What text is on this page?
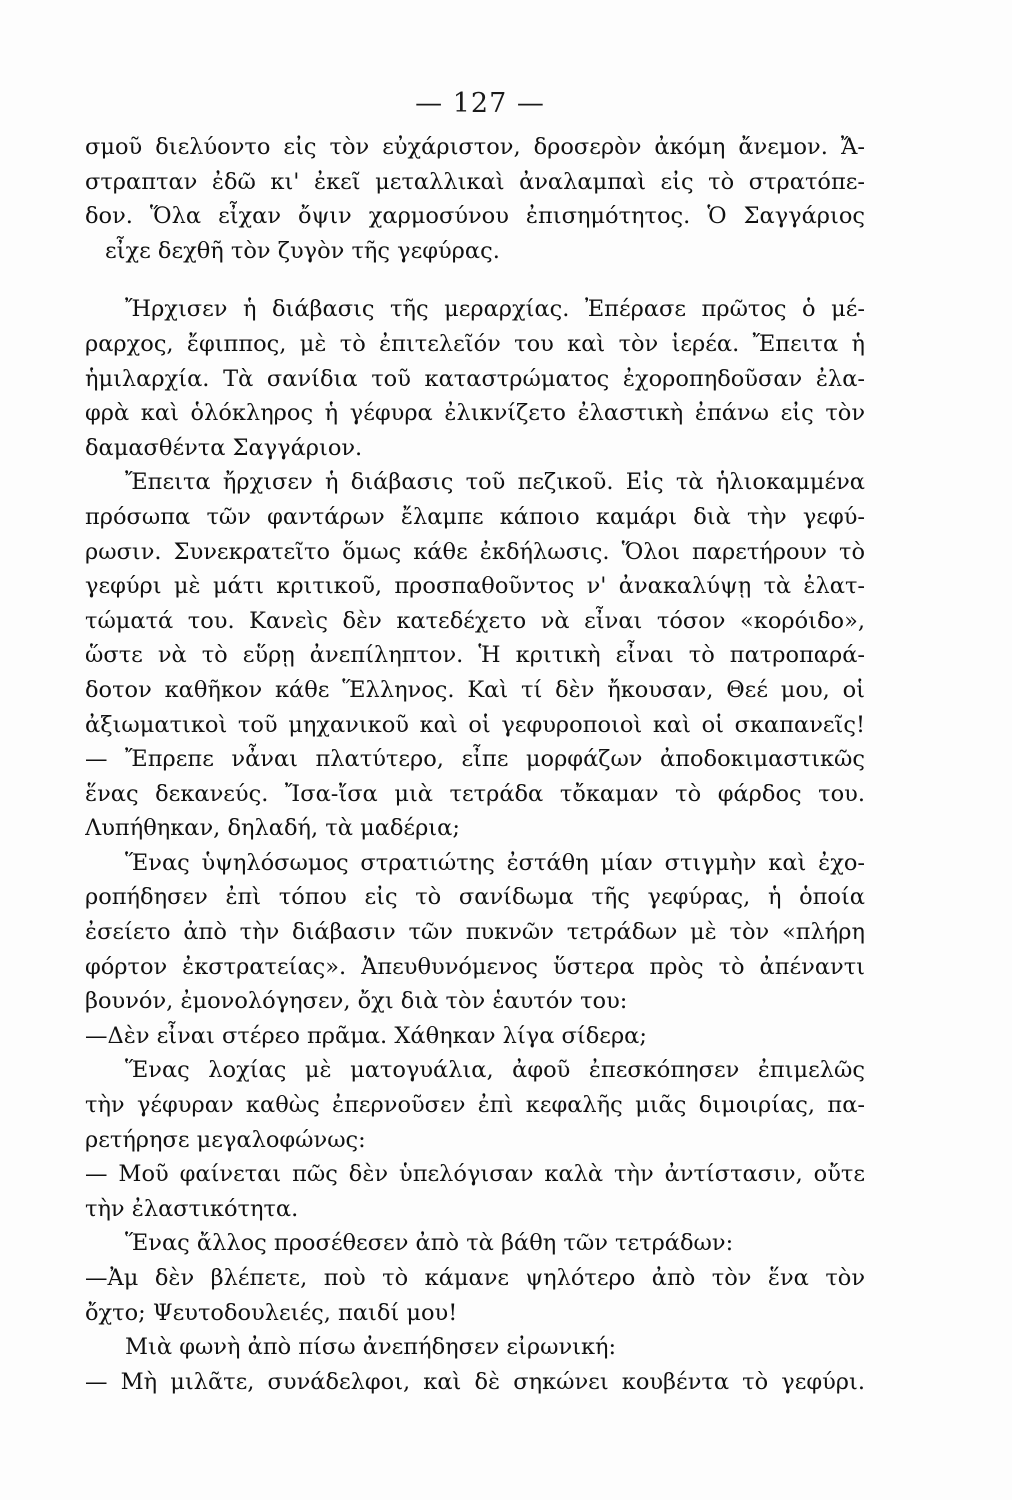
— 127 —
σμοῦ διελύοντο εἰς τὸν εὐχάριστον, δροσερὸν ἀκόμη ἄνεμον. Ἄ-
στραπταν ἐδῶ κι' ἐκεῖ μεταλλικαὶ ἀναλαμπαὶ εἰς τὸ στρατόπε-
δον. Ὅλα εἶχαν ὄψιν χαρμοσύνου ἐπισημότητος. Ὁ Σαγγάριος
εἶχε δεχθῆ τὸν ζυγὸν τῆς γεφύρας.
Ἤρχισεν ἡ διάβασις τῆς μεραρχίας. Ἐπέρασε πρῶτος ὁ μέ-
ραρχος, ἔφιππος, μὲ τὸ ἐπιτελεῖόν του καὶ τὸν ἱερέα. Ἔπειτα ἡ
ἡμιλαρχία. Τὰ σανίδια τοῦ καταστρώματος ἐχοροπηδοῦσαν ἐλα-
φρὰ καὶ ὁλόκληρος ἡ γέφυρα ἐλικνίζετο ἐλαστικὴ ἐπάνω εἰς τὸν
δαμασθέντα Σαγγάριον.
Ἔπειτα ἤρχισεν ἡ διάβασις τοῦ πεζικοῦ. Εἰς τὰ ἡλιοκαμμένα
πρόσωπα τῶν φαντάρων ἔλαμπε κάποιο καμάρι διὰ τὴν γεφύ-
ρωσιν. Συνεκρατεῖτο ὅμως κάθε ἐκδήλωσις. Ὅλοι παρετήρουν τὸ
γεφύρι μὲ μάτι κριτικοῦ, προσπαθοῦντος ν' ἀνακαλύψῃ τὰ ἐλατ-
τώματά του. Κανεὶς δὲν κατεδέχετο νὰ εἶναι τόσον «κορόιδο»,
ὥστε νὰ τὸ εὕρῃ ἀνεπίληπτον. Ἡ κριτικὴ εἶναι τὸ πατροπαρά-
δοτον καθῆκον κάθε Ἕλληνος. Καὶ τί δὲν ἤκουσαν, Θεέ μου, οἱ
ἀξιωματικοὶ τοῦ μηχανικοῦ καὶ οἱ γεφυροποιοὶ καὶ οἱ σκαπανεῖς!
— Ἔπρεπε νἆναι πλατύτερο, εἶπε μορφάζων ἀποδοκιμαστικῶς
ἕνας δεκανεύς. Ἴσα-ἴσα μιὰ τετράδα τὄκαμαν τὸ φάρδος του.
Λυπήθηκαν, δηλαδή, τὰ μαδέρια;
Ἕνας ὑψηλόσωμος στρατιώτης ἐστάθη μίαν στιγμὴν καὶ ἐχο-
ροπήδησεν ἐπὶ τόπου εἰς τὸ σανίδωμα τῆς γεφύρας, ἡ ὁποία
ἐσείετο ἀπὸ τὴν διάβασιν τῶν πυκνῶν τετράδων μὲ τὸν «πλήρη
φόρτον ἐκστρατείας». Ἀπευθυνόμενος ὕστερα πρὸς τὸ ἀπέναντι
βουνόν, ἐμονολόγησεν, ὄχι διὰ τὸν ἑαυτόν του:
—Δὲν εἶναι στέρεο πρᾶμα. Χάθηκαν λίγα σίδερα;
Ἕνας λοχίας μὲ ματογυάλια, ἀφοῦ ἐπεσκόπησεν ἐπιμελῶς
τὴν γέφυραν καθὼς ἐπερνοῦσεν ἐπὶ κεφαλῆς μιᾶς διμοιρίας, πα-
ρετήρησε μεγαλοφώνως:
— Μοῦ φαίνεται πῶς δὲν ὑπελόγισαν καλὰ τὴν ἀντίστασιν, οὔτε
τὴν ἐλαστικότητα.
Ἕνας ἄλλος προσέθεσεν ἀπὸ τὰ βάθη τῶν τετράδων:
—Ἀμ δὲν βλέπετε, ποὺ τὸ κάμανε ψηλότερο ἀπὸ τὸν ἕνα τὸν
ὄχτο; Ψευτοδουλειές, παιδί μου!
Μιὰ φωνὴ ἀπὸ πίσω ἀνεπήδησεν εἰρωνική:
— Μὴ μιλᾶτε, συνάδελφοι, καὶ δὲ σηκώνει κουβέντα τὸ γεφύρι.
